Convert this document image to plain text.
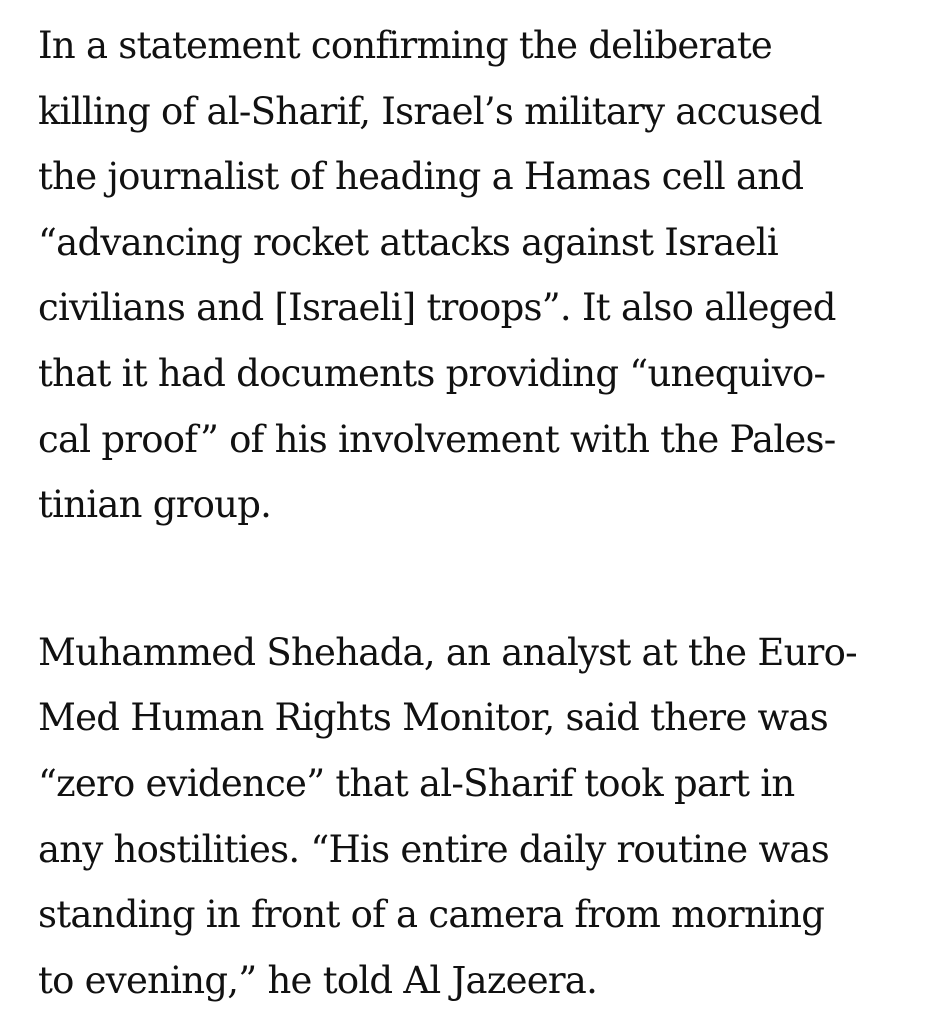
In a statement confirming the deliberate
killing of al-Sharif, Israel’s military accused
the journalist of heading a Hamas cell and
“advancing rocket attacks against Israeli
civilians and [Israeli] troops”. It also alleged
that it had documents providing “unequivo-
cal proof” of his involvement with the Pales-
tinian group.

Muhammed Shehada, an analyst at the Euro-
Med Human Rights Monitor, said there was
“zero evidence” that al-Sharif took part in
any hostilities. “His entire daily routine was
standing in front of a camera from morning
to evening,” he told Al Jazeera.
